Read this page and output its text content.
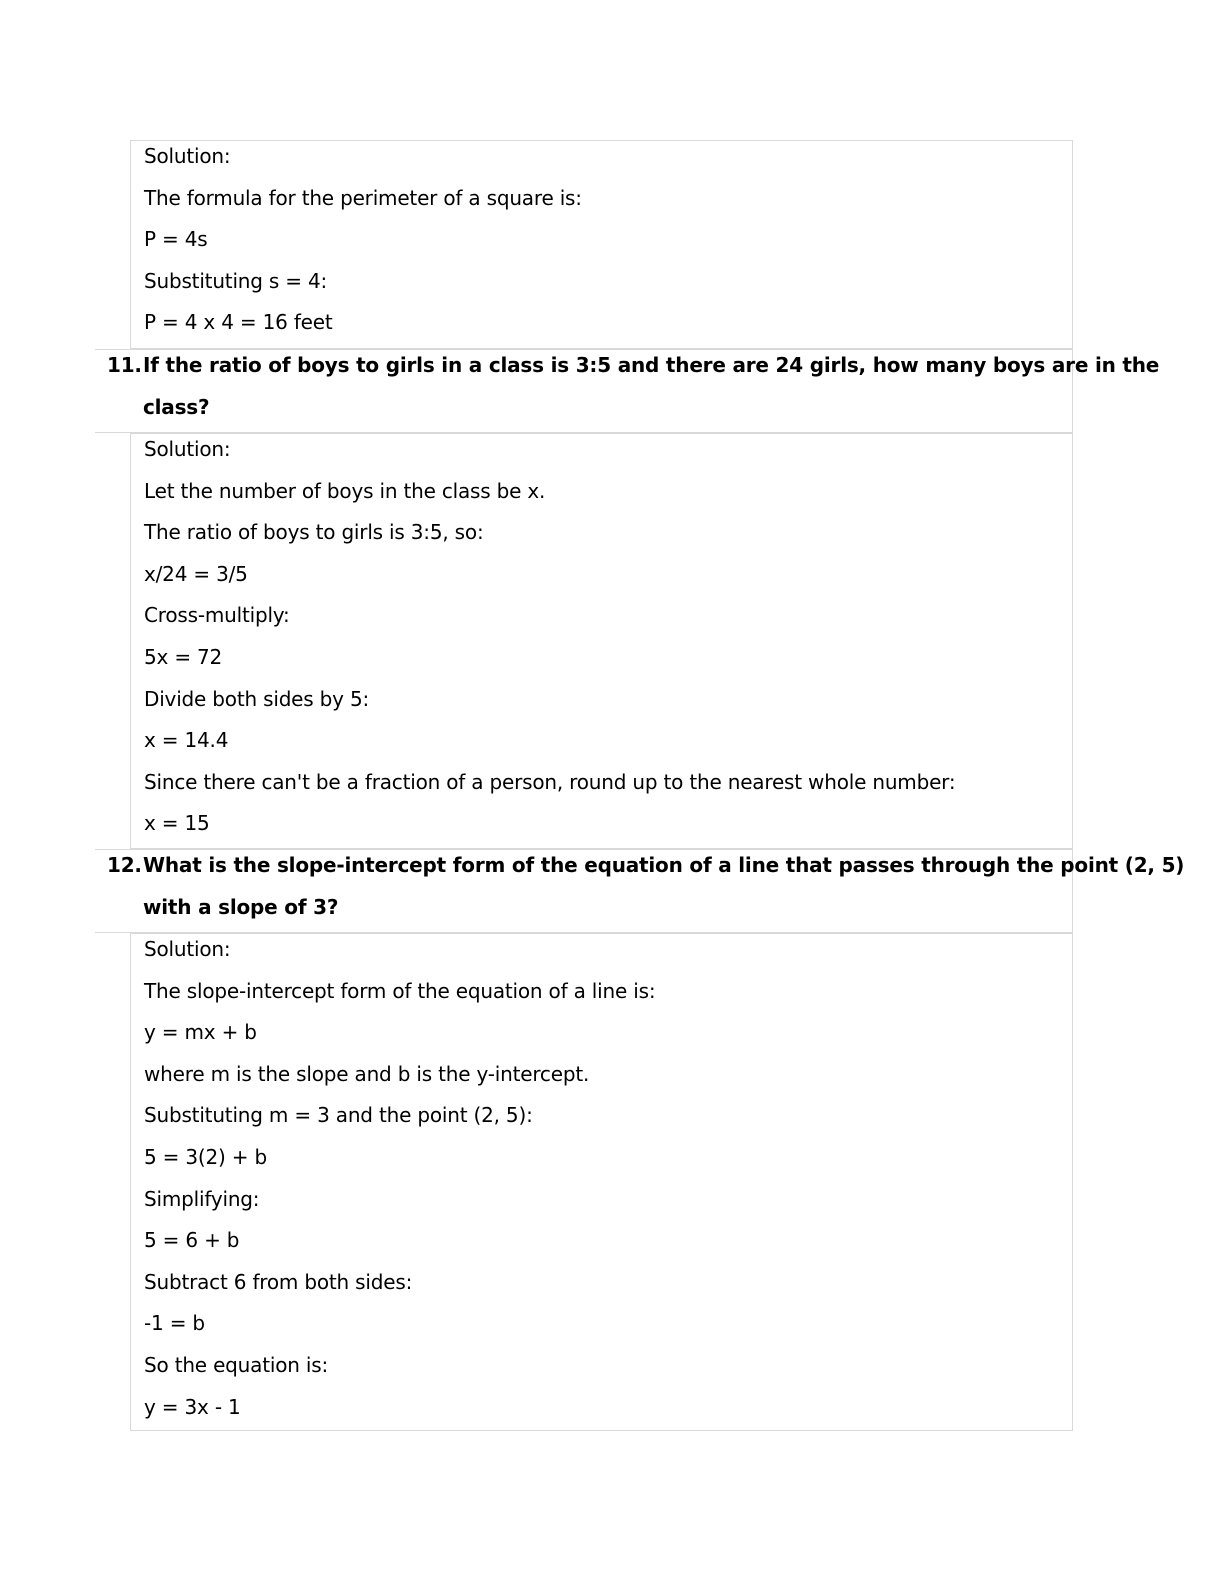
Solution:
The formula for the perimeter of a square is:
P = 4s
Substituting s = 4:
P = 4 x 4 = 16 feet
11. If the ratio of boys to girls in a class is 3:5 and there are 24 girls, how many boys are in the
class?
Solution:
Let the number of boys in the class be x.
The ratio of boys to girls is 3:5, so:
x/24 = 3/5
Cross-multiply:
5x = 72
Divide both sides by 5:
x = 14.4
Since there can't be a fraction of a person, round up to the nearest whole number:
x = 15
12. What is the slope-intercept form of the equation of a line that passes through the point (2, 5)
with a slope of 3?
Solution:
The slope-intercept form of the equation of a line is:
y = mx + b
where m is the slope and b is the y-intercept.
Substituting m = 3 and the point (2, 5):
5 = 3(2) + b
Simplifying:
5 = 6 + b
Subtract 6 from both sides:
-1 = b
So the equation is:
y = 3x - 1
